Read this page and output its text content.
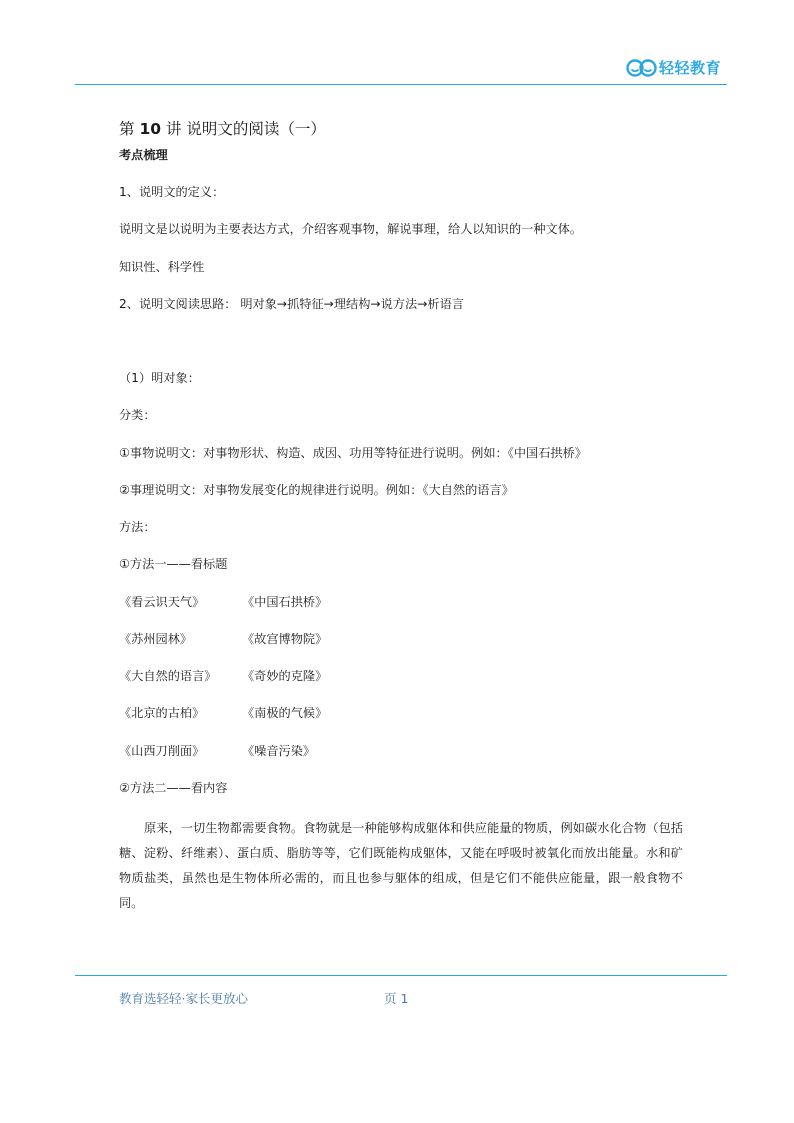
轻轻教育
第 10 讲 说明文的阅读（一）
考点梳理
1、说明文的定义：
说明文是以说明为主要表达方式，介绍客观事物，解说事理，给人以知识的一种文体。
知识性、科学性
2、说明文阅读思路： 明对象→抓特征→理结构→说方法→析语言
（1）明对象：
分类：
①事物说明文：对事物形状、构造、成因、功用等特征进行说明。例如：《中国石拱桥》
②事理说明文：对事物发展变化的规律进行说明。例如：《大自然的语言》
方法：
①方法一——看标题
《看云识天气》	《中国石拱桥》
《苏州园林》	《故宫博物院》
《大自然的语言》 《奇妙的克隆》
《北京的古柏》	《南极的气候》
《山西刀削面》	《噪音污染》
②方法二——看内容
原来，一切生物都需要食物。食物就是一种能够构成躯体和供应能量的物质，例如碳水化合物（包括糖、淀粉、纤维素）、蛋白质、脂肪等等，它们既能构成躯体，又能在呼吸时被氧化而放出能量。水和矿物质盐类，虽然也是生物体所必需的，而且也参与躯体的组成，但是它们不能供应能量，跟一般食物不同。
教育选轻轻·家长更放心	页 1
